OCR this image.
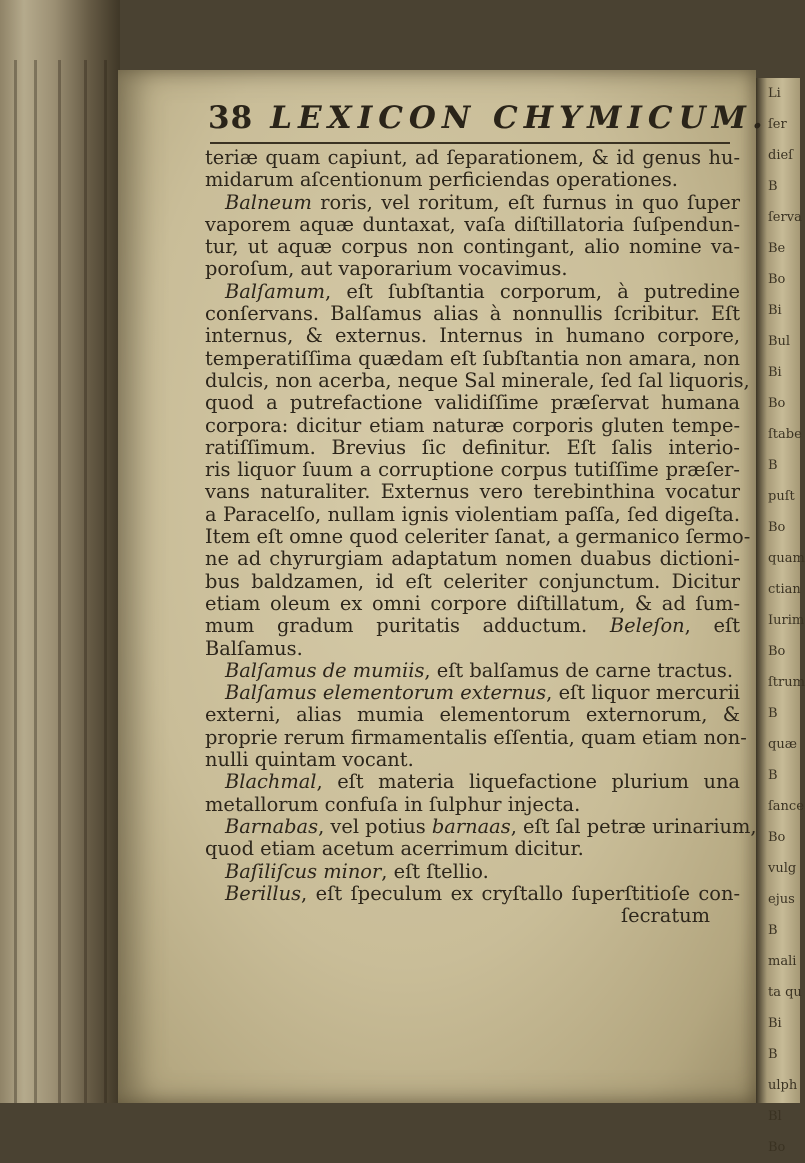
Li
ſer
dieſ
B
ſerva
Be
Bo
Bi
Bul
Bi
Bo
ſtabe
B
puſt
Bo
quam
ctian
Iurim
Bo
ſtrum
B
quæ
B
ſance
Bo
vulg
ejus
B
mali
ta qu
Bi
B
ulph
Bl
Bo
38 LEXICON CHYMICUM.
teriæ quam capiunt, ad ſeparationem, & id genus hu-
midarum aſcentionum perficiendas operationes.
Balneum roris, vel roritum, eſt furnus in quo ſuper
vaporem aquæ duntaxat, vaſa diſtillatoria ſuſpendun-
tur, ut aquæ corpus non contingant, alio nomine va-
poroſum, aut vaporarium vocavimus.
Balſamum, eſt ſubſtantia corporum, à putredine
conſervans. Balſamus alias à nonnullis ſcribitur. Eſt
internus, & externus. Internus in humano corpore,
temperatiſſima quædam eſt ſubſtantia non amara, non
dulcis, non acerba, neque Sal minerale, ſed ſal liquoris,
quod a putrefactione validiſſime præſervat humana
corpora: dicitur etiam naturæ corporis gluten tempe-
ratiſſimum. Brevius ſic definitur. Eſt ſalis interio-
ris liquor ſuum a corruptione corpus tutiſſime præſer-
vans naturaliter. Externus vero terebinthina vocatur
a Paracelſo, nullam ignis violentiam paſſa, ſed digeſta.
Item eſt omne quod celeriter ſanat, a germanico ſermo-
ne ad chyrurgiam adaptatum nomen duabus dictioni-
bus baldzamen, id eſt celeriter conjunctum. Dicitur
etiam oleum ex omni corpore diſtillatum, & ad ſum-
mum gradum puritatis adductum. Beleſon, eſt
Balſamus.
Balſamus de mumiis, eſt balſamus de carne tractus.
Balſamus elementorum externus, eſt liquor mercurii
externi, alias mumia elementorum externorum, &
proprie rerum firmamentalis eſſentia, quam etiam non-
nulli quintam vocant.
Blachmal, eſt materia liquefactione plurium una
metallorum confuſa in ſulphur injecta.
Barnabas, vel potius barnaas, eſt ſal petræ urinarium,
quod etiam acetum acerrimum dicitur.
Baſiliſcus minor, eſt ſtellio.
Berillus, eſt ſpeculum ex cryſtallo ſuperſtitioſe con-
ſecratum
